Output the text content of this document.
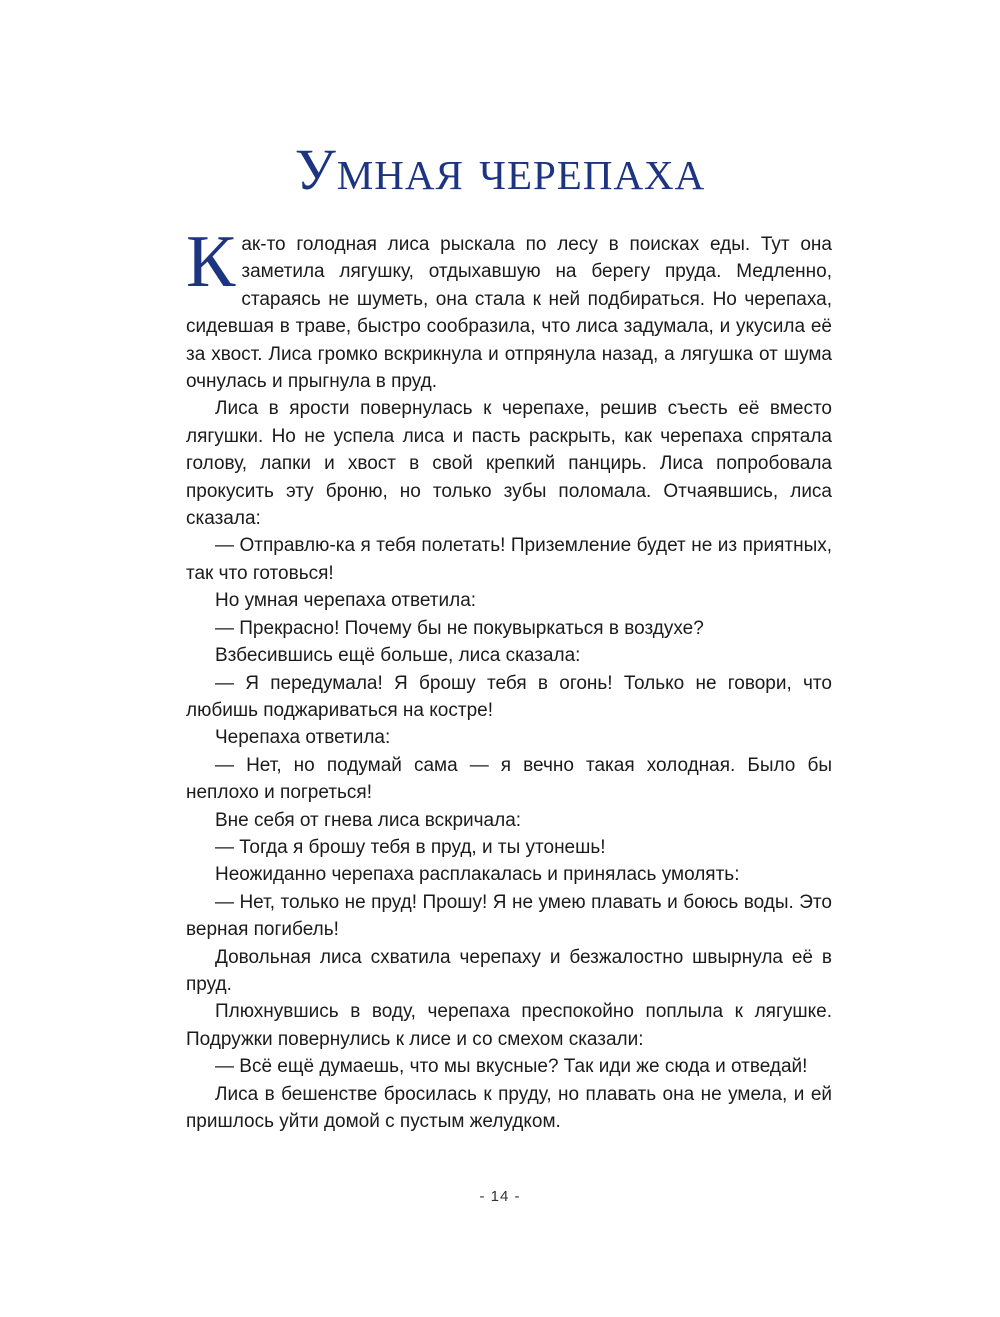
Умная черепаха

Как-то голодная лиса рыскала по лесу в поисках еды. Тут она заметила лягушку, отдыхавшую на берегу пруда. Медленно, стараясь не шуметь, она стала к ней подбираться. Но черепаха, сидевшая в траве, быстро сообразила, что лиса задумала, и укусила её за хвост. Лиса громко вскрикнула и отпрянула назад, а лягушка от шума очнулась и прыгнула в пруд.

Лиса в ярости повернулась к черепахе, решив съесть её вместо лягушки. Но не успела лиса и пасть раскрыть, как черепаха спрятала голову, лапки и хвост в свой крепкий панцирь. Лиса попробовала прокусить эту броню, но только зубы поломала. Отчаявшись, лиса сказала:

— Отправлю-ка я тебя полетать! Приземление будет не из приятных, так что готовься!

Но умная черепаха ответила:

— Прекрасно! Почему бы не покувыркаться в воздухе?

Взбесившись ещё больше, лиса сказала:

— Я передумала! Я брошу тебя в огонь! Только не говори, что любишь поджариваться на костре!

Черепаха ответила:

— Нет, но подумай сама — я вечно такая холодная. Было бы неплохо и погреться!

Вне себя от гнева лиса вскричала:

— Тогда я брошу тебя в пруд, и ты утонешь!

Неожиданно черепаха расплакалась и принялась умолять:

— Нет, только не пруд! Прошу! Я не умею плавать и боюсь воды. Это верная погибель!

Довольная лиса схватила черепаху и безжалостно швырнула её в пруд.

Плюхнувшись в воду, черепаха преспокойно поплыла к лягушке. Подружки повернулись к лисе и со смехом сказали:

— Всё ещё думаешь, что мы вкусные? Так иди же сюда и отведай!

Лиса в бешенстве бросилась к пруду, но плавать она не умела, и ей пришлось уйти домой с пустым желудком.

- 14 -
